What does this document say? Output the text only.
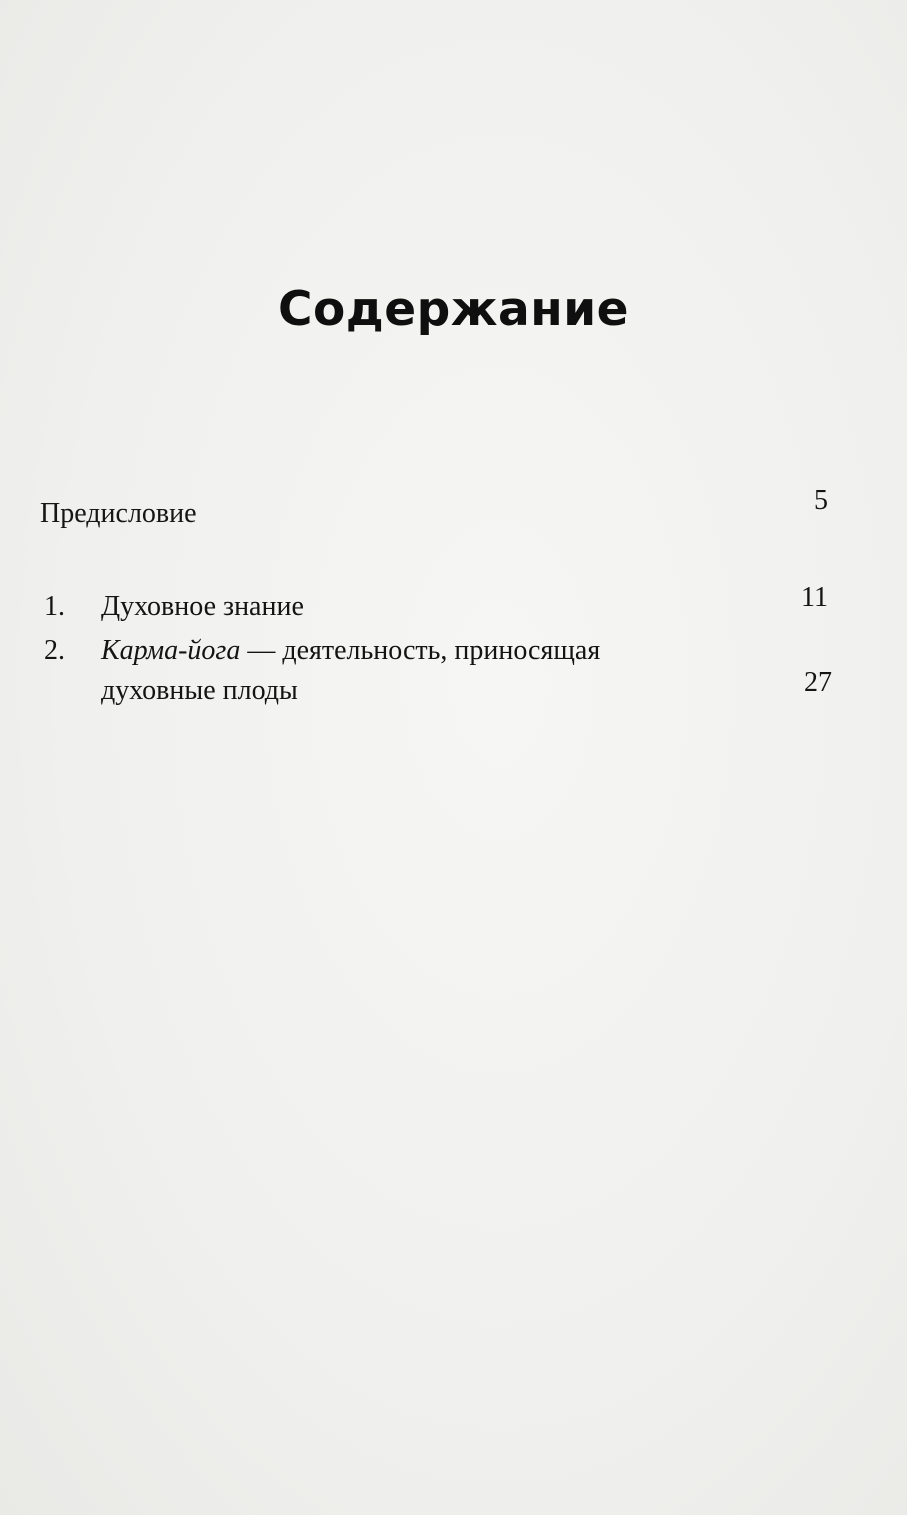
Содержание
Предисловие	5
1. Духовное знание	11
2. Карма-йога — деятельность, приносящая
духовные плоды	27
